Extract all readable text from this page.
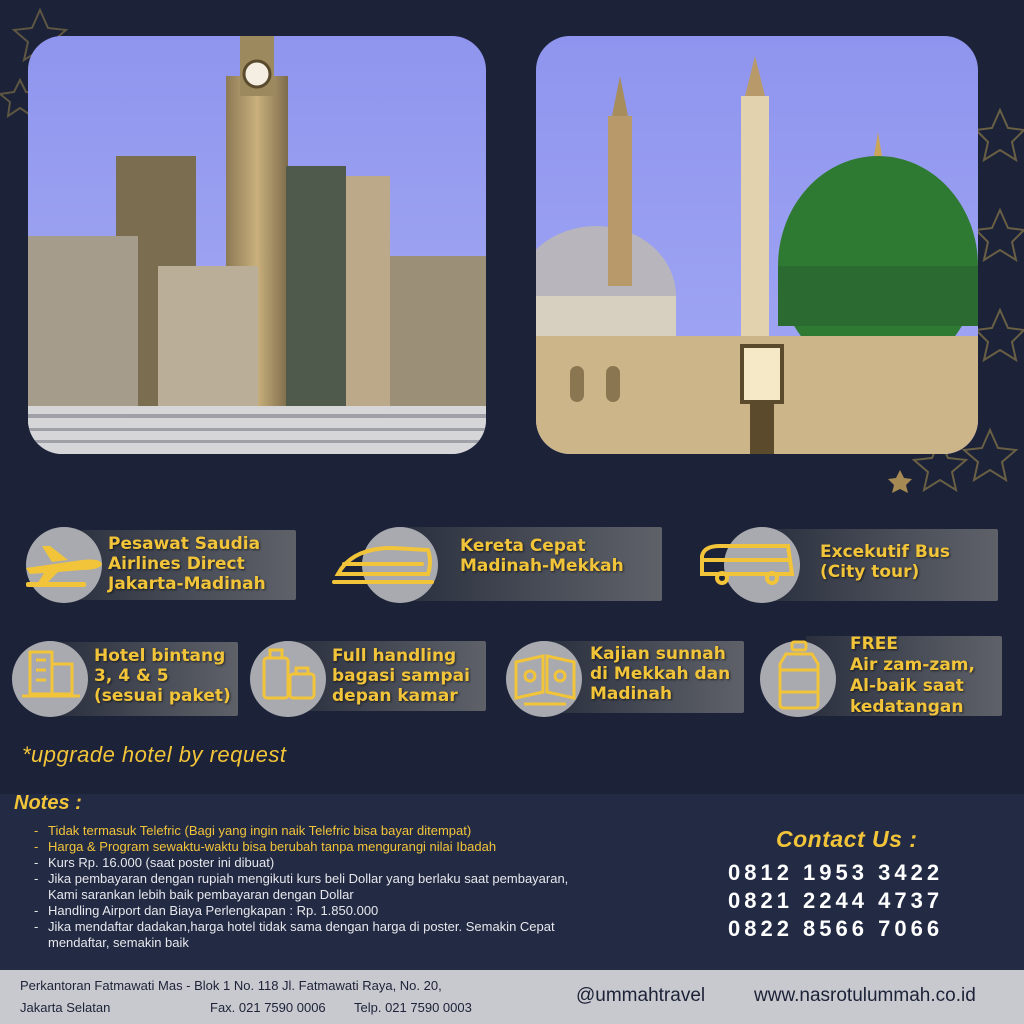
Pesawat Saudia
Airlines Direct
Jakarta-Madinah
Kereta Cepat
Madinah-Mekkah
Excekutif Bus
(City tour)
Hotel bintang
3, 4 & 5
(sesuai paket)
Full handling
bagasi sampai
depan kamar
Kajian sunnah
di Mekkah dan
Madinah
FREE
Air zam-zam,
Al-baik saat
kedatangan
*upgrade hotel by request
Notes :
- Tidak termasuk Telefric (Bagi yang ingin naik Telefric bisa bayar ditempat)
- Harga & Program sewaktu-waktu bisa berubah tanpa mengurangi nilai Ibadah
- Kurs Rp. 16.000 (saat poster ini dibuat)
- Jika pembayaran dengan rupiah mengikuti kurs beli Dollar yang berlaku saat pembayaran, Kami sarankan lebih baik pembayaran dengan Dollar
- Handling Airport dan Biaya Perlengkapan : Rp. 1.850.000
- Jika mendaftar dadakan,harga hotel tidak sama dengan harga di poster. Semakin Cepat mendaftar, semakin baik
Contact Us :
0812 1953 3422
0821 2244 4737
0822 8566 7066
Perkantoran Fatmawati Mas - Blok 1 No. 118 Jl. Fatmawati Raya, No. 20,
Jakarta Selatan	Fax. 021 7590 0006 Telp. 021 7590 0003
@ummahtravel	www.nasrotulummah.co.id
